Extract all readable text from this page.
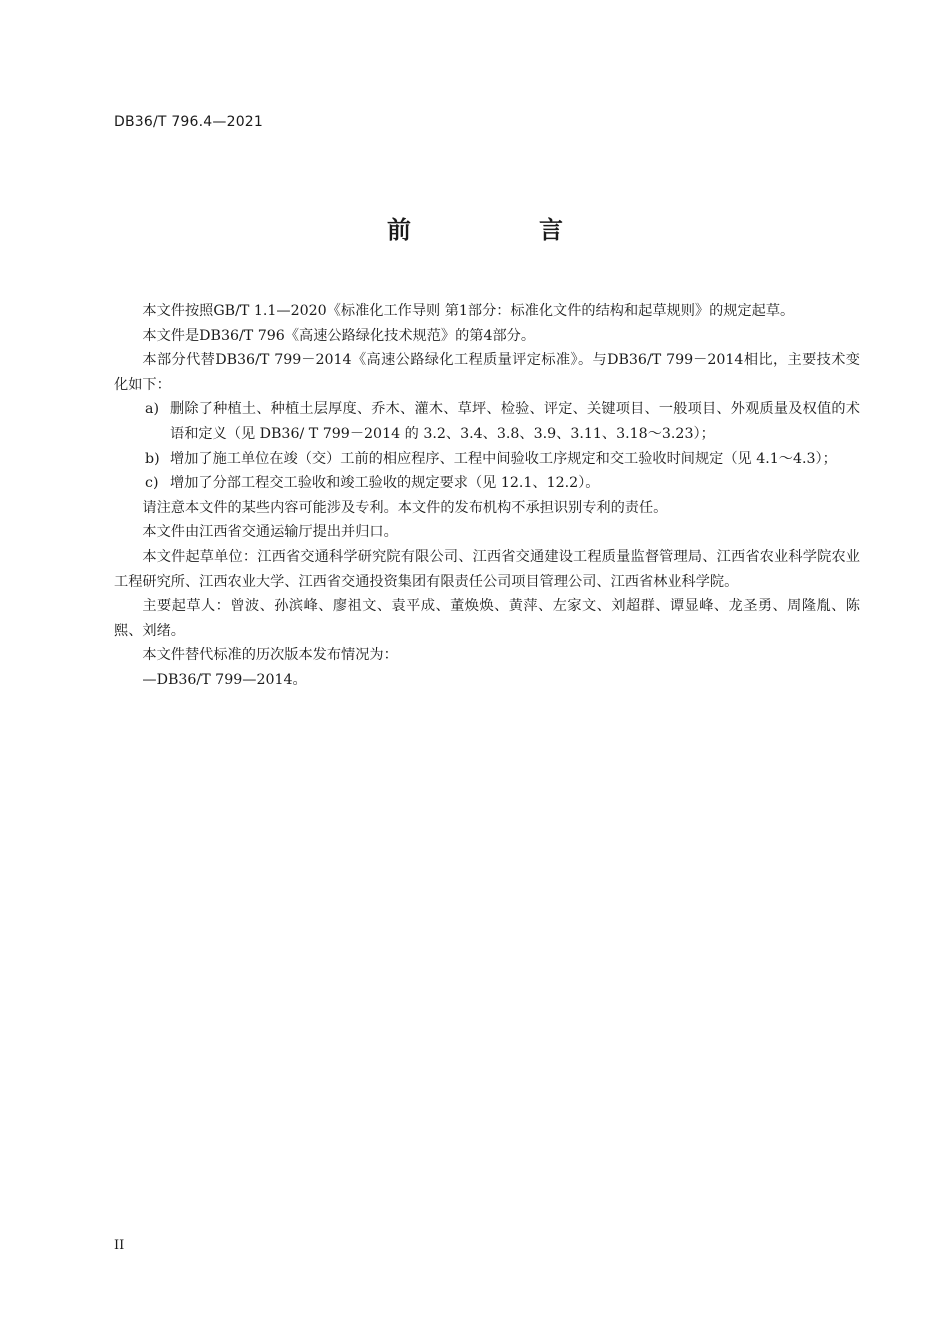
DB36/T 796.4—2021
前　言

本文件按照GB/T 1.1—2020《标准化工作导则 第1部分：标准化文件的结构和起草规则》的规定起草。

本文件是DB36/T 796《高速公路绿化技术规范》的第4部分。

本部分代替DB36/T 799－2014《高速公路绿化工程质量评定标准》。与DB36/T 799－2014相比，主要技术变化如下：

a) 删除了种植土、种植土层厚度、乔木、灌木、草坪、检验、评定、关键项目、一般项目、外观质量及权值的术语和定义（见 DB36/ T 799－2014 的 3.2、3.4、3.8、3.9、3.11、3.18～3.23）；
b) 增加了施工单位在竣（交）工前的相应程序、工程中间验收工序规定和交工验收时间规定（见 4.1～4.3）；
c) 增加了分部工程交工验收和竣工验收的规定要求（见 12.1、12.2）。

请注意本文件的某些内容可能涉及专利。本文件的发布机构不承担识别专利的责任。

本文件由江西省交通运输厅提出并归口。

本文件起草单位：江西省交通科学研究院有限公司、江西省交通建设工程质量监督管理局、江西省农业科学院农业工程研究所、江西农业大学、江西省交通投资集团有限责任公司项目管理公司、江西省林业科学院。

主要起草人：曾波、孙滨峰、廖祖文、袁平成、董焕焕、黄萍、左家文、刘超群、谭显峰、龙圣勇、周隆胤、陈熙、刘绪。

本文件替代标准的历次版本发布情况为：

—DB36/T 799—2014。

II
